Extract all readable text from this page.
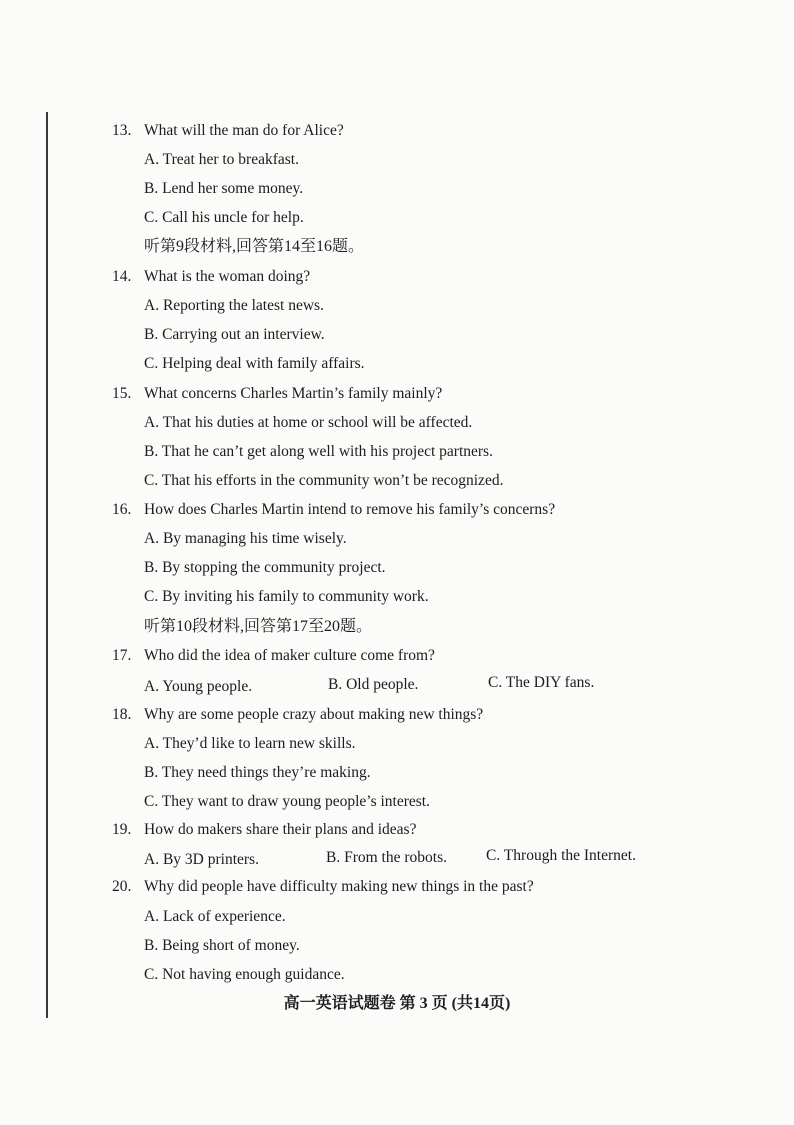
13. What will the man do for Alice?
A. Treat her to breakfast.
B. Lend her some money.
C. Call his uncle for help.
听第9段材料,回答第14至16题。
14. What is the woman doing?
A. Reporting the latest news.
B. Carrying out an interview.
C. Helping deal with family affairs.
15. What concerns Charles Martin’s family mainly?
A. That his duties at home or school will be affected.
B. That he can’t get along well with his project partners.
C. That his efforts in the community won’t be recognized.
16. How does Charles Martin intend to remove his family’s concerns?
A. By managing his time wisely.
B. By stopping the community project.
C. By inviting his family to community work.
听第10段材料,回答第17至20题。
17. Who did the idea of maker culture come from?
A. Young people.	B. Old people.	C. The DIY fans.
18. Why are some people crazy about making new things?
A. They’d like to learn new skills.
B. They need things they’re making.
C. They want to draw young people’s interest.
19. How do makers share their plans and ideas?
A. By 3D printers.	B. From the robots.	C. Through the Internet.
20. Why did people have difficulty making new things in the past?
A. Lack of experience.
B. Being short of money.
C. Not having enough guidance.
高一英语试题卷 第 3 页 (共14页)
